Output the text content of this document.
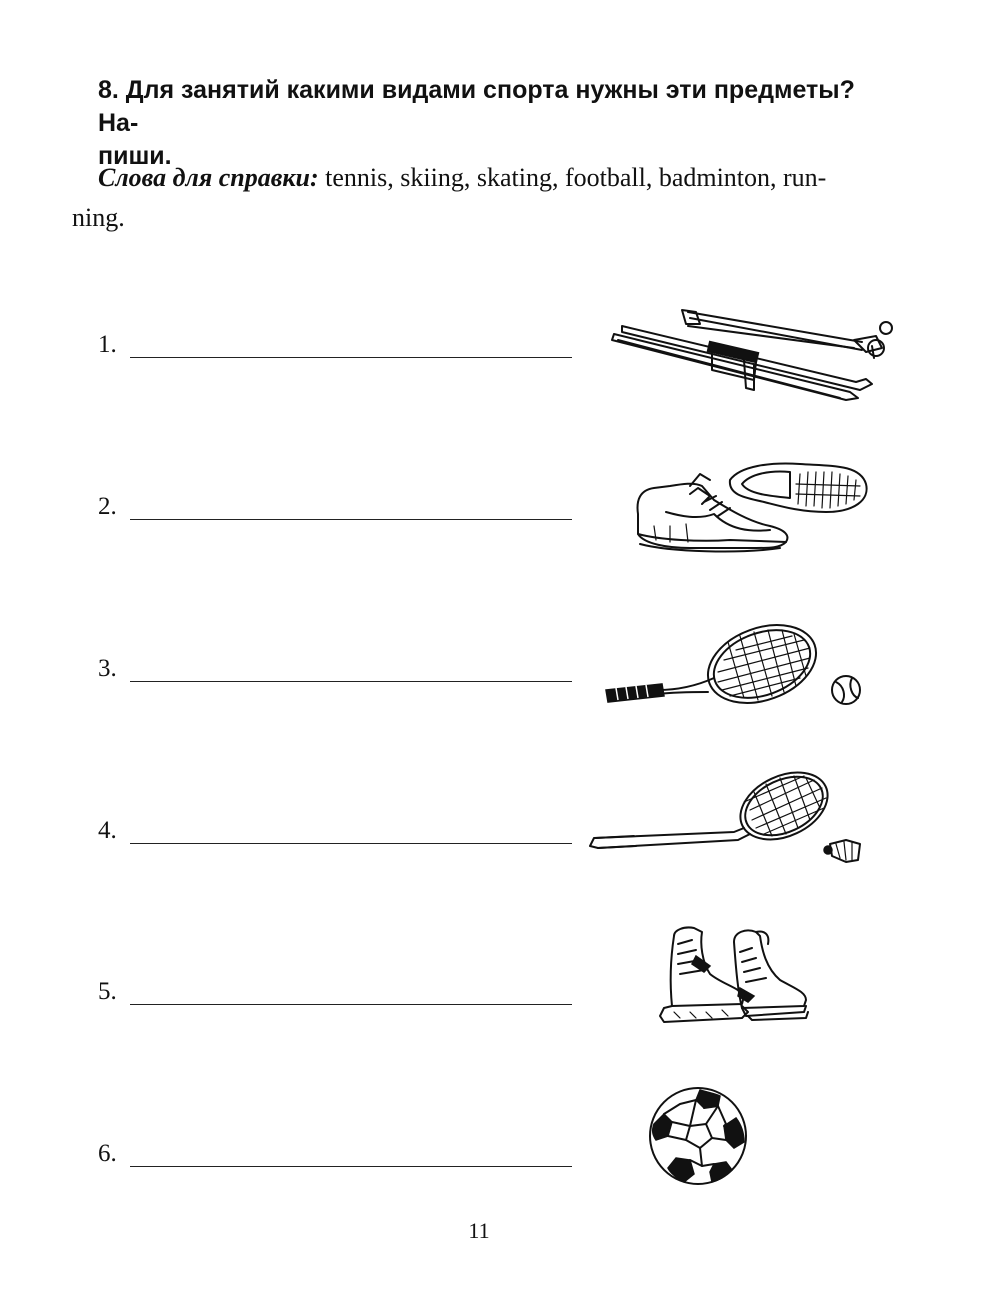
8. Для занятий какими видами спорта нужны эти предметы? На-
пиши.

Слова для справки: tennis, skiing, skating, football, badminton, run-
ning.

1.
2.
3.
4.
5.
6.
11
